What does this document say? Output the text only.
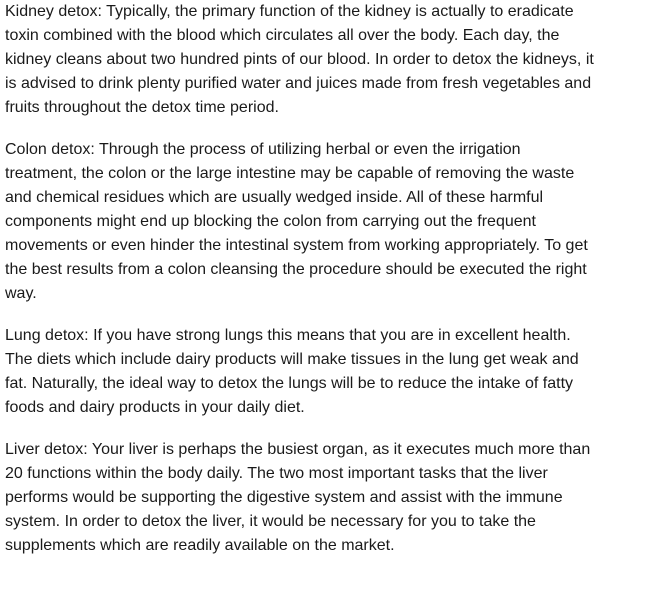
Kidney detox: Typically, the primary function of the kidney is actually to eradicate
toxin combined with the blood which circulates all over the body. Each day, the
kidney cleans about two hundred pints of our blood. In order to detox the kidneys, it
is advised to drink plenty purified water and juices made from fresh vegetables and
fruits throughout the detox time period.

Colon detox: Through the process of utilizing herbal or even the irrigation
treatment, the colon or the large intestine may be capable of removing the waste
and chemical residues which are usually wedged inside. All of these harmful
components might end up blocking the colon from carrying out the frequent
movements or even hinder the intestinal system from working appropriately. To get
the best results from a colon cleansing the procedure should be executed the right
way.

Lung detox: If you have strong lungs this means that you are in excellent health.
The diets which include dairy products will make tissues in the lung get weak and
fat. Naturally, the ideal way to detox the lungs will be to reduce the intake of fatty
foods and dairy products in your daily diet.

Liver detox: Your liver is perhaps the busiest organ, as it executes much more than
20 functions within the body daily. The two most important tasks that the liver
performs would be supporting the digestive system and assist with the immune
system. In order to detox the liver, it would be necessary for you to take the
supplements which are readily available on the market.
